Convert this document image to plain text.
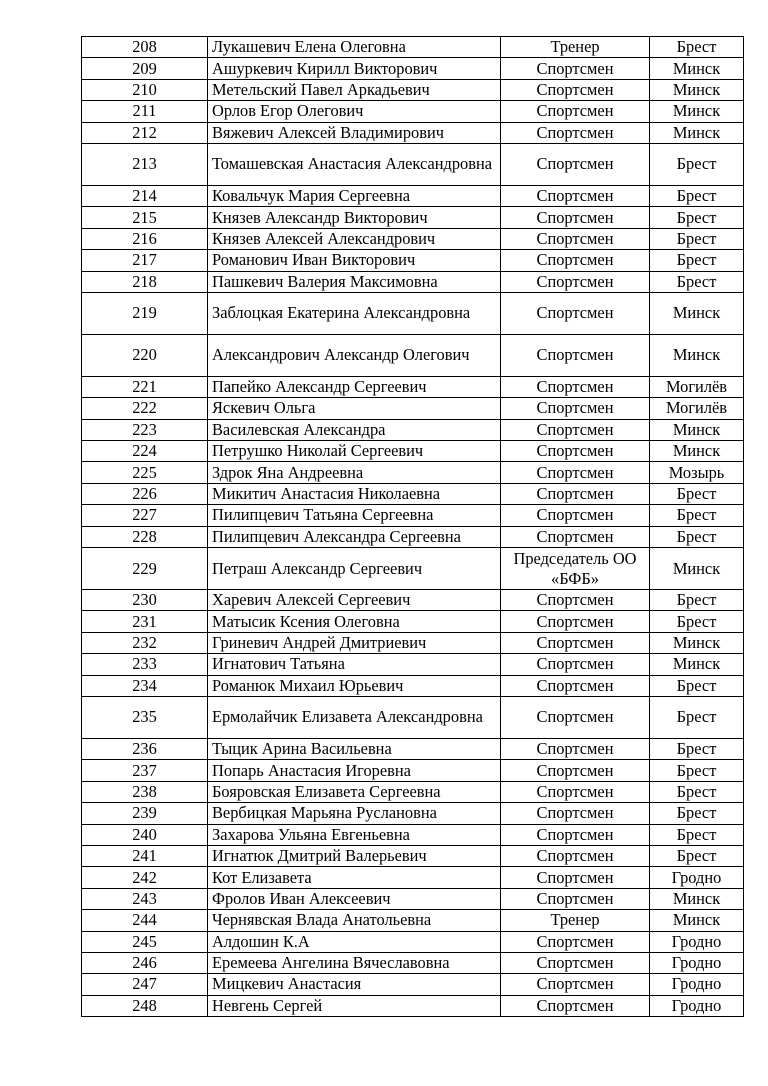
208	Лукашевич Елена Олеговна	Тренер	Брест
209	Ашуркевич Кирилл Викторович	Спортсмен	Минск
210	Метельский Павел Аркадьевич	Спортсмен	Минск
211	Орлов Егор Олегович	Спортсмен	Минск
212	Вяжевич Алексей Владимирович	Спортсмен	Минск
213	Томашевская Анастасия Александровна	Спортсмен	Брест
214	Ковальчук Мария Сергеевна	Спортсмен	Брест
215	Князев Александр Викторович	Спортсмен	Брест
216	Князев Алексей Александрович	Спортсмен	Брест
217	Романович Иван Викторович	Спортсмен	Брест
218	Пашкевич Валерия Максимовна	Спортсмен	Брест
219	Заблоцкая Екатерина Александровна	Спортсмен	Минск
220	Александрович Александр Олегович	Спортсмен	Минск
221	Папейко Александр Сергеевич	Спортсмен	Могилёв
222	Яскевич Ольга	Спортсмен	Могилёв
223	Василевская Александра	Спортсмен	Минск
224	Петрушко Николай Сергеевич	Спортсмен	Минск
225	Здрок Яна Андреевна	Спортсмен	Мозырь
226	Микитич Анастасия Николаевна	Спортсмен	Брест
227	Пилипцевич Татьяна Сергеевна	Спортсмен	Брест
228	Пилипцевич Александра Сергеевна	Спортсмен	Брест
229	Петраш Александр Сергеевич	Председатель ОО «БФБ»	Минск
230	Харевич Алексей Сергеевич	Спортсмен	Брест
231	Матысик Ксения Олеговна	Спортсмен	Брест
232	Гриневич Андрей Дмитриевич	Спортсмен	Минск
233	Игнатович Татьяна	Спортсмен	Минск
234	Романюк Михаил Юрьевич	Спортсмен	Брест
235	Ермолайчик Елизавета Александровна	Спортсмен	Брест
236	Тыцик Арина Васильевна	Спортсмен	Брест
237	Попарь Анастасия Игоревна	Спортсмен	Брест
238	Бояровская Елизавета Сергеевна	Спортсмен	Брест
239	Вербицкая Марьяна Руслановна	Спортсмен	Брест
240	Захарова Ульяна Евгеньевна	Спортсмен	Брест
241	Игнатюк Дмитрий Валерьевич	Спортсмен	Брест
242	Кот Елизавета	Спортсмен	Гродно
243	Фролов Иван Алексеевич	Спортсмен	Минск
244	Чернявская Влада Анатольевна	Тренер	Минск
245	Алдошин К.А	Спортсмен	Гродно
246	Еремеева Ангелина Вячеславовна	Спортсмен	Гродно
247	Мицкевич Анастасия	Спортсмен	Гродно
248	Невгень Сергей	Спортсмен	Гродно
